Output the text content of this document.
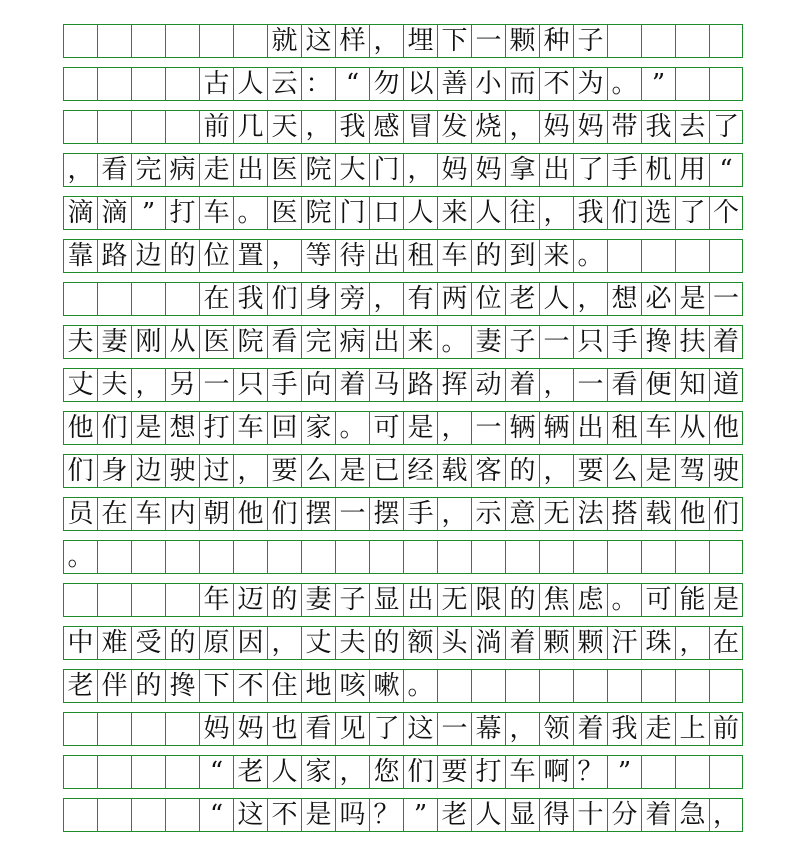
就 这 样 ， 埋 下 一 颗 种 子
古 人 云 ： “ 勿 以 善 小 而 不 为 。 ”
前 几 天 ， 我 感 冒 发 烧 ， 妈 妈 带 我 去 了
， 看 完 病 走 出 医 院 大 门 ， 妈 妈 拿 出 了 手 机 用 “
滴 滴 ” 打 车 。 医 院 门 口 人 来 人 往 ， 我 们 选 了 个
靠 路 边 的 位 置 ， 等 待 出 租 车 的 到 来 。
在 我 们 身 旁 ， 有 两 位 老 人 ， 想 必 是 一
夫 妻 刚 从 医 院 看 完 病 出 来 。 妻 子 一 只 手 搀 扶 着
丈 夫 ， 另 一 只 手 向 着 马 路 挥 动 着 ， 一 看 便 知 道
他 们 是 想 打 车 回 家 。 可 是 ， 一 辆 辆 出 租 车 从 他
们 身 边 驶 过 ， 要 么 是 已 经 载 客 的 ， 要 么 是 驾 驶
员 在 车 内 朝 他 们 摆 一 摆 手 ， 示 意 无 法 搭 载 他 们
。
年 迈 的 妻 子 显 出 无 限 的 焦 虑 。 可 能 是
中 难 受 的 原 因 ， 丈 夫 的 额 头 淌 着 颗 颗 汗 珠 ， 在
老 伴 的 搀 下 不 住 地 咳 嗽 。
妈 妈 也 看 见 了 这 一 幕 ， 领 着 我 走 上 前
“ 老 人 家 ， 您 们 要 打 车 啊 ？ ”
“ 这 不 是 吗 ？ ” 老 人 显 得 十 分 着 急 ，
